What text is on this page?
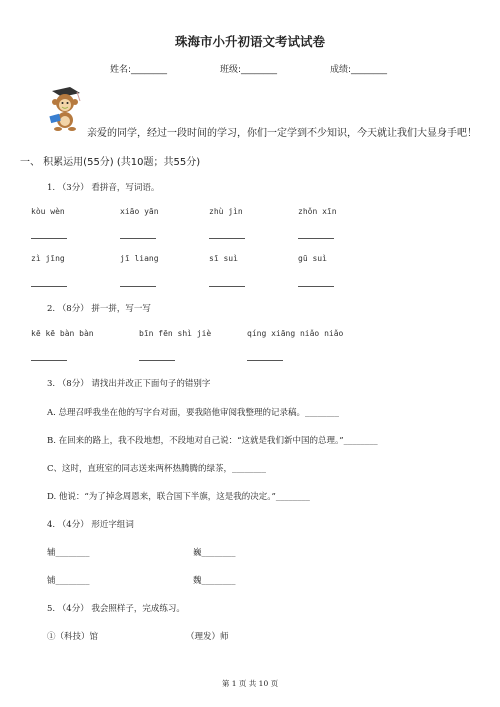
珠海市小升初语文考试试卷
姓名:________	班级:________	成绩:________
亲爱的同学，经过一段时间的学习，你们一定学到不少知识，今天就让我们大显身手吧！
一、 积累运用(55分) (共10题；共55分)
1. （3分） 看拼音，写词语。
kòu wèn	xiāo yān	zhù jìn	zhǒn xīn
zì jīng	jī liang	sī suì	gū suì
2. （8分） 拼一拼，写一写
kē kē bàn bàn	bīn fēn shì jiè	qíng xiāng niǎo niǎo
3. （8分） 请找出并改正下面句子的错别字
A. 总理召呼我坐在他的写字台对面，要我陪他审阅我整理的记录稿。________
B. 在回来的路上，我不段地想，不段地对自己说：“这就是我们新中国的总理。”________
C、这时，直班室的同志送来两杯热腾腾的绿茶，________
D. 他说：“为了掉念周恩来，联合国下半旗，这是我的决定。”________
4. （4分） 形近字组词
辅________	巍________
铺________	魏________
5. （4分） 我会照样子，完成练习。
①（科技）馆	（理发）师
第 1 页 共 10 页
